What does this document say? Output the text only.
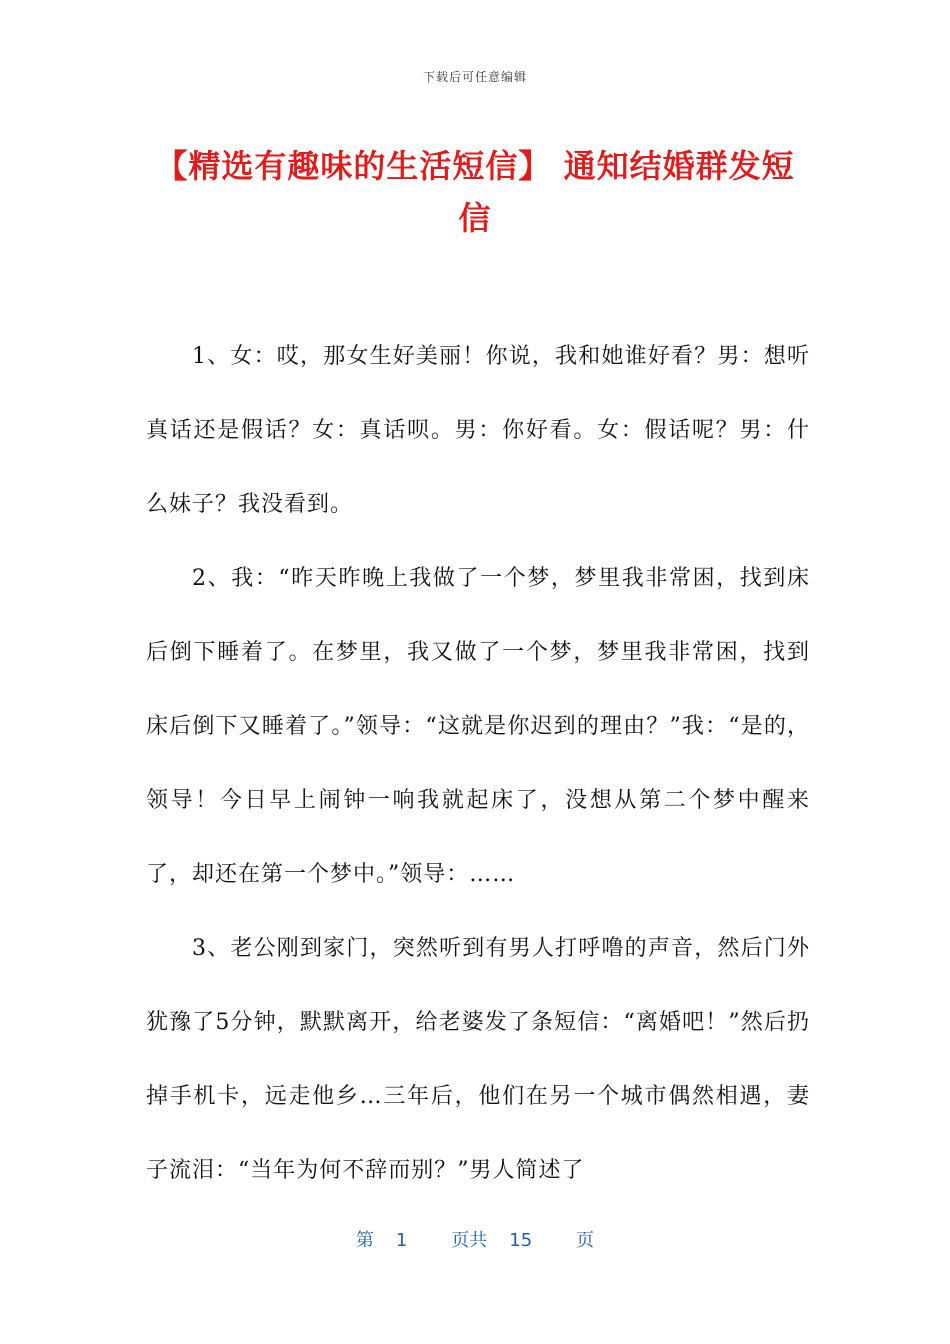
下载后可任意编辑
【精选有趣味的生活短信】 通知结婚群发短信

1、女：哎，那女生好美丽！你说，我和她谁好看？男：想听真话还是假话？女：真话呗。男：你好看。女：假话呢？男：什么妹子？我没看到。

2、我：“昨天昨晚上我做了一个梦，梦里我非常困，找到床后倒下睡着了。在梦里，我又做了一个梦，梦里我非常困，找到床后倒下又睡着了。”领导：“这就是你迟到的理由？”我：“是的，领导！今日早上闹钟一响我就起床了，没想从第二个梦中醒来了，却还在第一个梦中。”领导：……

3、老公刚到家门，突然听到有男人打呼噜的声音，然后门外犹豫了5分钟，默默离开，给老婆发了条短信：“离婚吧！”然后扔掉手机卡，远走他乡…三年后，他们在另一个城市偶然相遇，妻子流泪：“当年为何不辞而别？”男人简述了

第 1 页共 15 页
